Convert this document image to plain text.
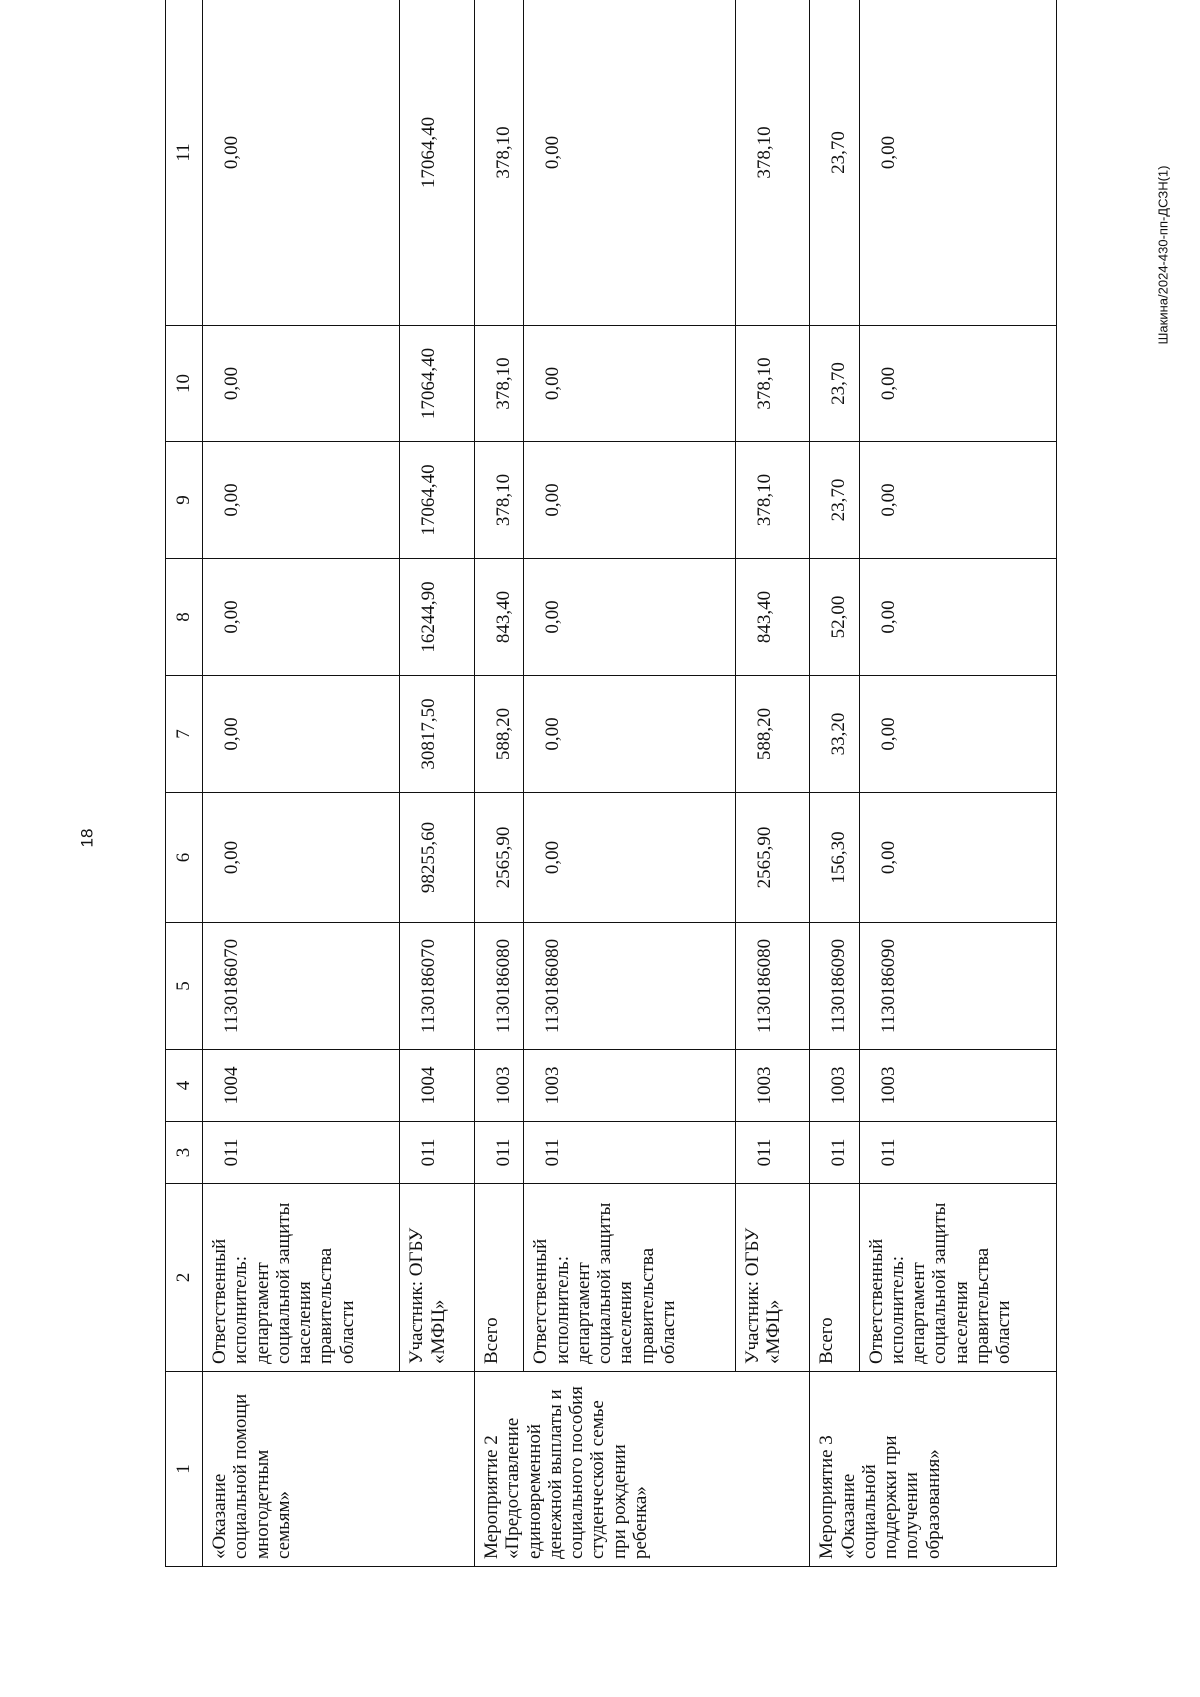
18
Шакина/2024-430-пп-ДСЗН(1)
1	2	3	4	5	6	7	8	9	10	11
«Оказание социальной помощи многодетным семьям»	Ответственный исполнитель: департамент социальной защиты населения правительства области	011	1004	1130186070	0,00	0,00	0,00	0,00	0,00	0,00
	Участник: ОГБУ «МФЦ»	011	1004	1130186070	98255,60	30817,50	16244,90	17064,40	17064,40	17064,40
Мероприятие 2 «Предоставление единовременной денежной выплаты и социального пособия студенческой семье при рождении ребенка»	Всего	011	1003	1130186080	2565,90	588,20	843,40	378,10	378,10	378,10
	Ответственный исполнитель: департамент социальной защиты населения правительства области	011	1003	1130186080	0,00	0,00	0,00	0,00	0,00	0,00
	Участник: ОГБУ «МФЦ»	011	1003	1130186080	2565,90	588,20	843,40	378,10	378,10	378,10
Мероприятие 3 «Оказание социальной поддержки при получении образования»	Всего	011	1003	1130186090	156,30	33,20	52,00	23,70	23,70	23,70
	Ответственный исполнитель: департамент социальной защиты населения правительства области	011	1003	1130186090	0,00	0,00	0,00	0,00	0,00	0,00
